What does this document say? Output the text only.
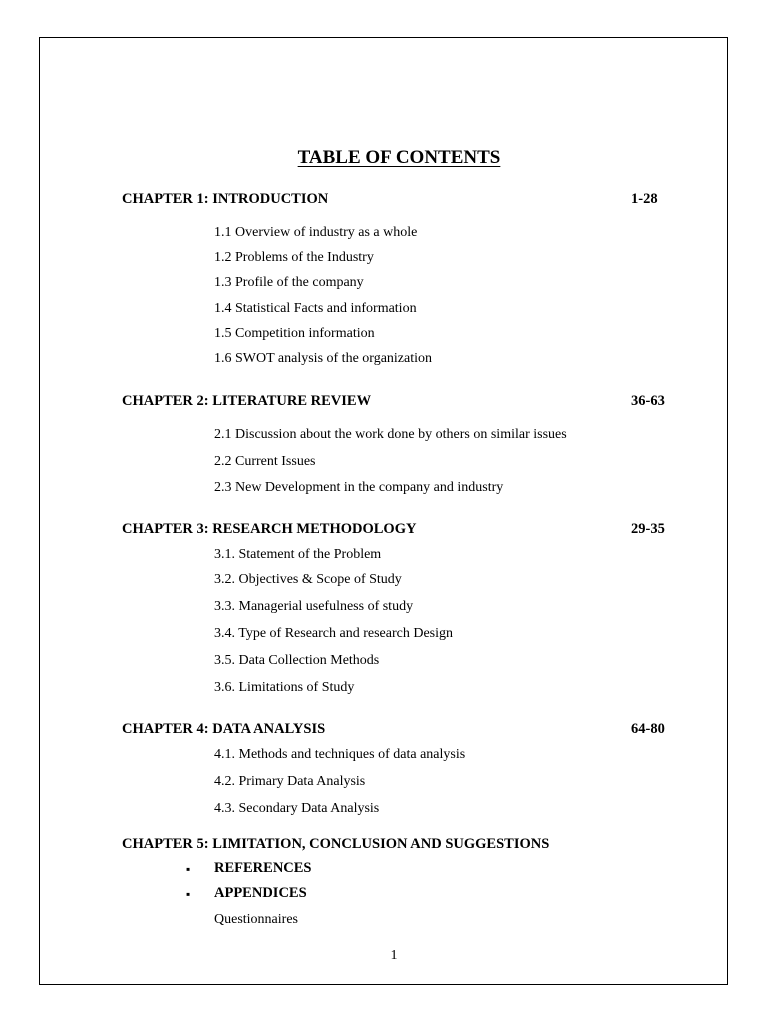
TABLE OF CONTENTS
CHAPTER 1: INTRODUCTION	1-28
1.1 Overview of industry as a whole
1.2 Problems of the Industry
1.3 Profile of the company
1.4 Statistical Facts and information
1.5 Competition information
1.6 SWOT analysis of the organization
CHAPTER 2: LITERATURE REVIEW	36-63
2.1 Discussion about the work done by others on similar issues
2.2 Current Issues
2.3 New Development in the company and industry
CHAPTER 3: RESEARCH METHODOLOGY	29-35
3.1. Statement of the Problem
3.2. Objectives & Scope of Study
3.3. Managerial usefulness of study
3.4. Type of Research and research Design
3.5. Data Collection Methods
3.6. Limitations of Study
CHAPTER 4: DATA ANALYSIS	64-80
4.1. Methods and techniques of data analysis
4.2. Primary Data Analysis
4.3. Secondary Data Analysis
CHAPTER 5: LIMITATION, CONCLUSION AND SUGGESTIONS
▪ REFERENCES
▪ APPENDICES
Questionnaires
1
